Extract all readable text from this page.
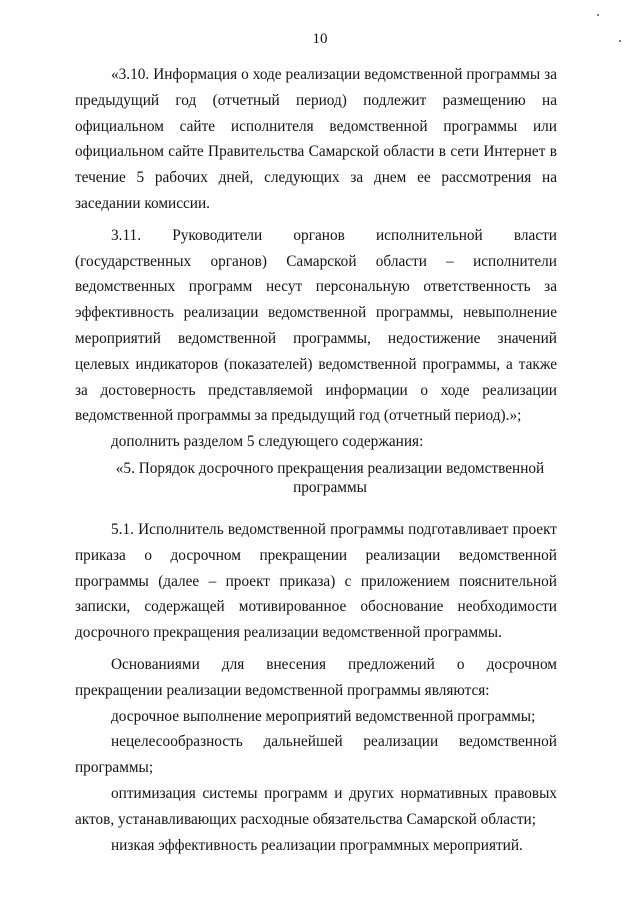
10

«3.10. Информация о ходе реализации ведомственной программы за предыдущий год (отчетный период) подлежит размещению на официальном сайте исполнителя ведомственной программы или официальном сайте Правительства Самарской области в сети Интернет в течение 5 рабочих дней, следующих за днем ее рассмотрения на заседании комиссии.

3.11. Руководители органов исполнительной власти (государственных органов) Самарской области – исполнители ведомственных программ несут персональную ответственность за эффективность реализации ведомственной программы, невыполнение мероприятий ведомственной программы, недостижение значений целевых индикаторов (показателей) ведомственной программы, а также за достоверность представляемой информации о ходе реализации ведомственной программы за предыдущий год (отчетный период).»;

дополнить разделом 5 следующего содержания:

«5. Порядок досрочного прекращения реализации ведомственной программы

5.1. Исполнитель ведомственной программы подготавливает проект приказа о досрочном прекращении реализации ведомственной программы (далее – проект приказа) с приложением пояснительной записки, содержащей мотивированное обоснование необходимости досрочного прекращения реализации ведомственной программы.

Основаниями для внесения предложений о досрочном прекращении реализации ведомственной программы являются:

досрочное выполнение мероприятий ведомственной программы;

нецелесообразность дальнейшей реализации ведомственной программы;

оптимизация системы программ и других нормативных правовых актов, устанавливающих расходные обязательства Самарской области;

низкая эффективность реализации программных мероприятий.
